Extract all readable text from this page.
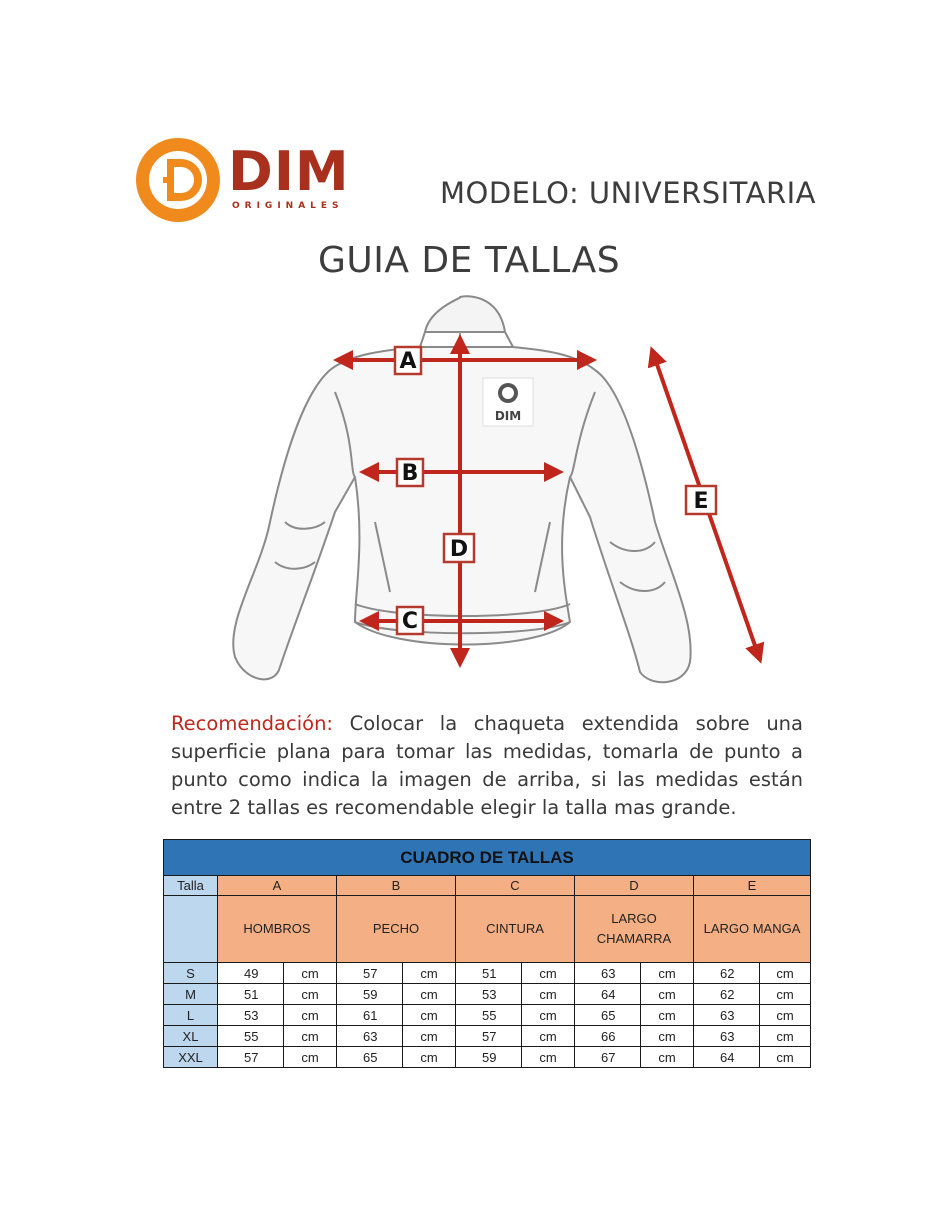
DIM
ORIGINALES	MODELO: UNIVERSITARIA
GUIA DE TALLAS
DIM
A
B
C
D
E
Recomendación: Colocar la chaqueta extendida sobre una superficie plana para tomar las medidas, tomarla de punto a punto como indica la imagen de arriba, si las medidas están entre 2 tallas es recomendable elegir la talla mas grande.
CUADRO DE TALLAS										
Talla	A		B		C		D		E	
	HOMBROS		PECHO		CINTURA		LARGO CHAMARRA		LARGO MANGA	
S	49	cm	57	cm	51	cm	63	cm	62	cm
M	51	cm	59	cm	53	cm	64	cm	62	cm
L	53	cm	61	cm	55	cm	65	cm	63	cm
XL	55	cm	63	cm	57	cm	66	cm	63	cm
XXL	57	cm	65	cm	59	cm	67	cm	64	cm
